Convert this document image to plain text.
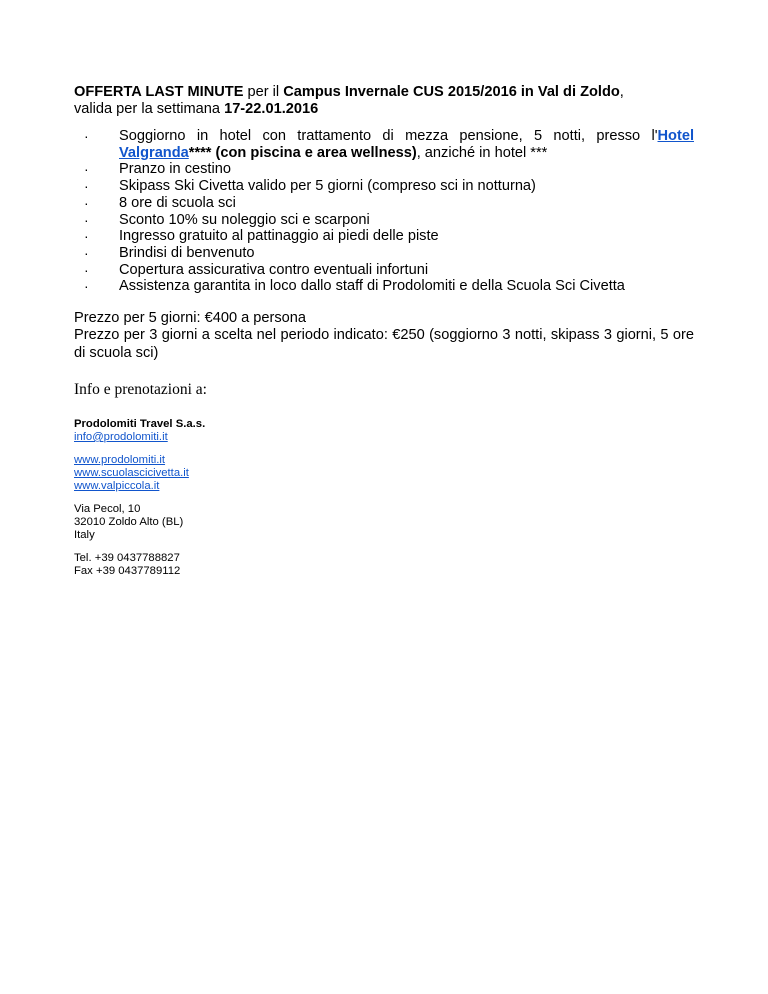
OFFERTA LAST MINUTE per il Campus Invernale CUS 2015/2016 in Val di Zoldo,
valida per la settimana 17-22.01.2016

· Soggiorno in hotel con trattamento di mezza pensione, 5 notti, presso l'Hotel Valgranda**** (con piscina e area wellness), anziché in hotel ***
· Pranzo in cestino
· Skipass Ski Civetta valido per 5 giorni (compreso sci in notturna)
· 8 ore di scuola sci
· Sconto 10% su noleggio sci e scarponi
· Ingresso gratuito al pattinaggio ai piedi delle piste
· Brindisi di benvenuto
· Copertura assicurativa contro eventuali infortuni
· Assistenza garantita in loco dallo staff di Prodolomiti e della Scuola Sci Civetta

Prezzo per 5 giorni: €400 a persona

Prezzo per 3 giorni a scelta nel periodo indicato: €250 (soggiorno 3 notti, skipass 3 giorni, 5 ore di scuola sci)

Info e prenotazioni a:
Prodolomiti Travel S.a.s.
info@prodolomiti.it
www.prodolomiti.it
www.scuolascicivetta.it
www.valpiccola.it

Via Pecol, 10

32010 Zoldo Alto (BL)

Italy

Tel. +39 0437788827

Fax +39 0437789112
